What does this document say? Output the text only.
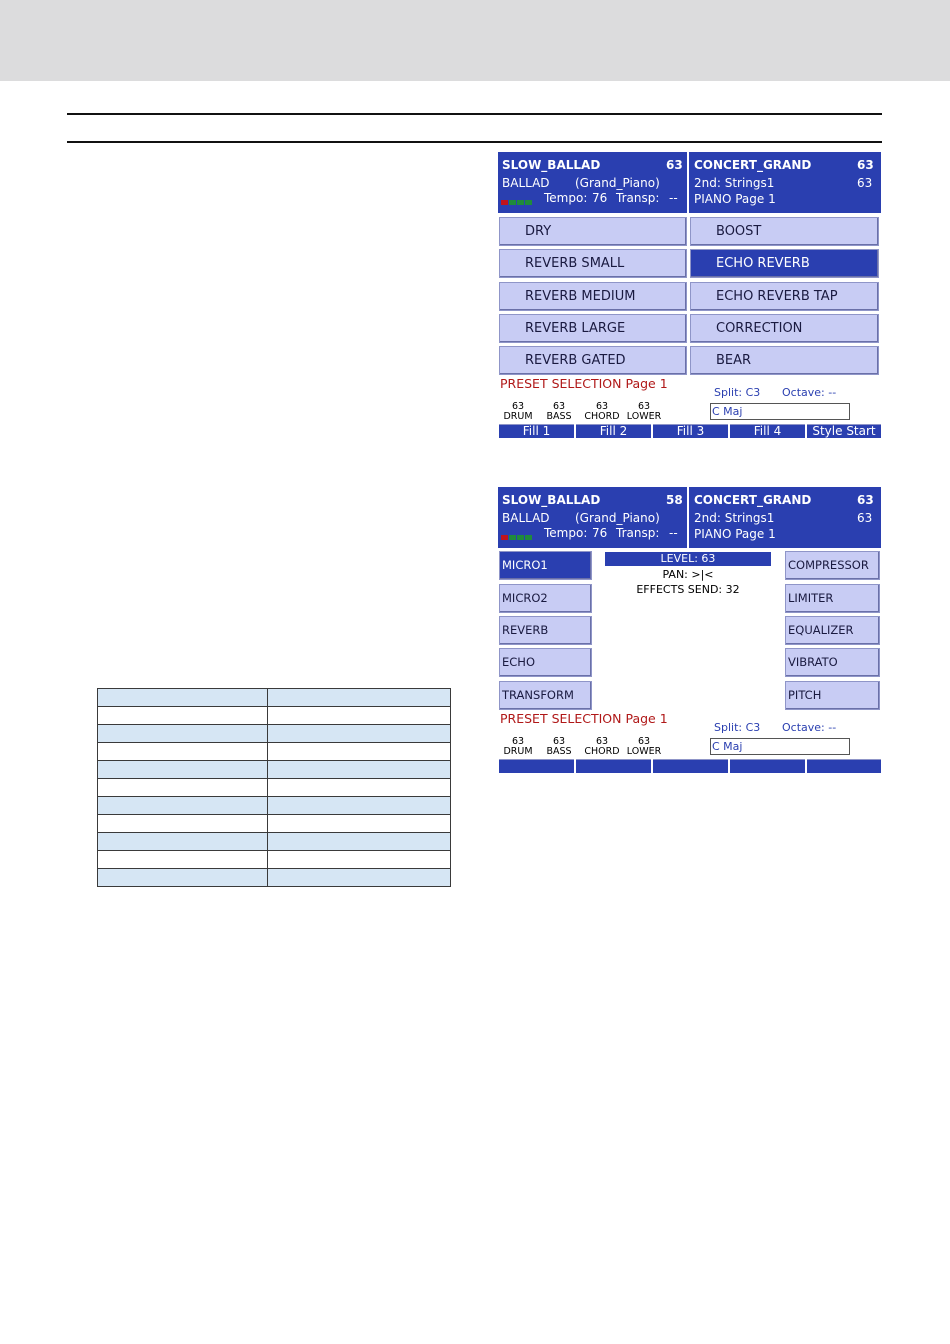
SLOW_BALLAD	63
BALLAD (Grand_Piano)
Tempo: 76 Transp: --
CONCERT_GRAND	63
2nd: Strings1	63
PIANO Page 1
DRY	BOOST
REVERB SMALL	ECHO REVERB
REVERB MEDIUM	ECHO REVERB TAP
REVERB LARGE	CORRECTION
REVERB GATED	BEAR
PRESET SELECTION Page 1
Split: C3 Octave: --
C Maj
63
DRUM
63
BASS
63
CHORD
63
LOWER
Fill 1	Fill 2	Fill 3	Fill 4	Style Start
SLOW_BALLAD	58
BALLAD (Grand_Piano)
Tempo: 76 Transp: --
CONCERT_GRAND	63
2nd: Strings1	63
PIANO Page 1
MICRO1
MICRO2
REVERB
ECHO
TRANSFORM
COMPRESSOR
LIMITER
EQUALIZER
VIBRATO
PITCH
LEVEL: 63
PAN: >|<
EFFECTS SEND: 32
PRESET SELECTION Page 1
Split: C3 Octave: --
C Maj
63
DRUM
63
BASS
63
CHORD
63
LOWER
